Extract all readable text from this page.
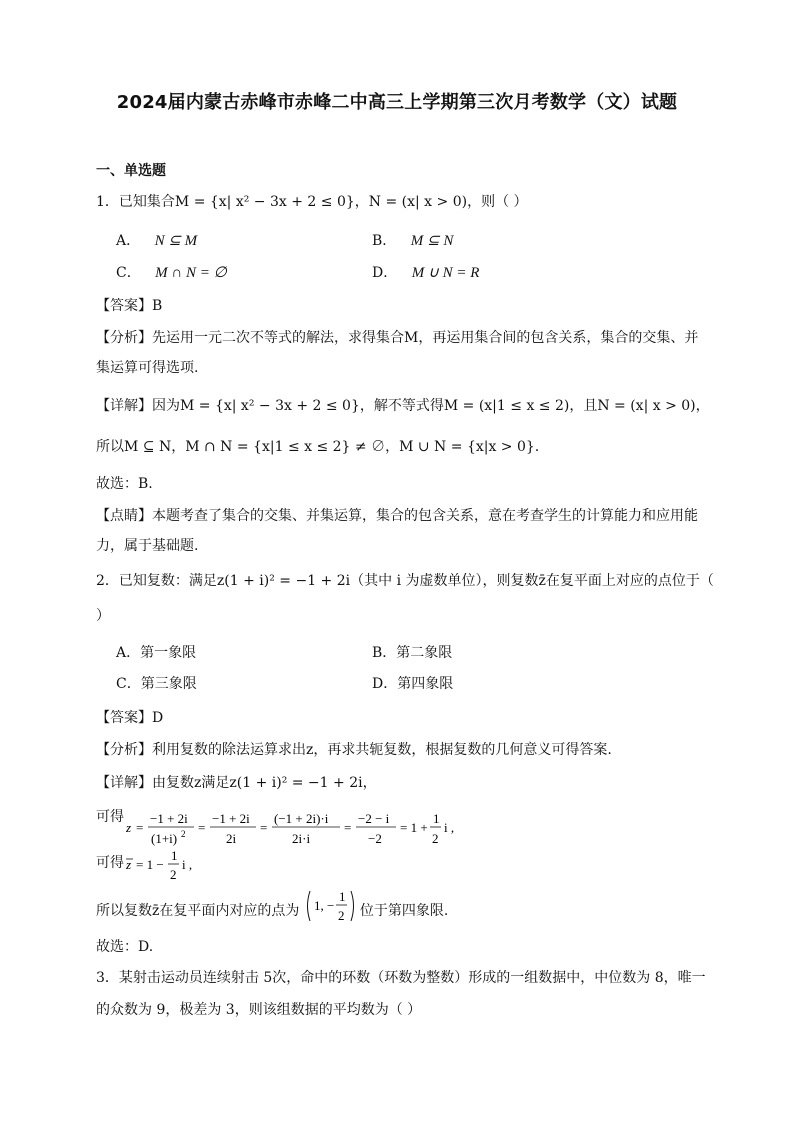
2024届内蒙古赤峰市赤峰二中高三上学期第三次月考数学（文）试题
一、单选题
1．已知集合M = {x| x² − 3x + 2 ≤ 0}，N = (x| x > 0)，则（ ）
A． N ⊆ M	B． M ⊆ N
C． M ∩ N = ∅	D． M ∪ N = R
【答案】B
【分析】先运用一元二次不等式的解法，求得集合M，再运用集合间的包含关系，集合的交集、并
集运算可得选项.
【详解】因为M = {x| x² − 3x + 2 ≤ 0}，解不等式得M = (x|1 ≤ x ≤ 2)，且N = (x| x > 0)，
所以M ⊆ N，M ∩ N = {x|1 ≤ x ≤ 2} ≠ ∅，M ∪ N = {x|x > 0}.
故选：B.
【点睛】本题考查了集合的交集、并集运算，集合的包含关系，意在考查学生的计算能力和应用能
力，属于基础题.
2．已知复数：满足z(1 + i)² = −1 + 2i（其中 i 为虚数单位），则复数z̄在复平面上对应的点位于（
）
A．第一象限	B．第二象限
C．第三象限	D．第四象限
【答案】D
【分析】利用复数的除法运算求出z，再求共轭复数，根据复数的几何意义可得答案.
【详解】由复数z满足z(1 + i)² = −1 + 2i，
可得
z =
−1 + 2i
(1+i) 2 =
−1 + 2i
2i
=
(−1 + 2i)·i
2i·i
=
−2 − i
−2
= 1 +
1
2
i ,
可得 z = 1 −
1
2
i ,
所以复数z̄在复平面内对应的点为 1, −
1
2 位于第四象限.
故选：D.
3．某射击运动员连续射击 5次，命中的环数（环数为整数）形成的一组数据中，中位数为 8，唯一
的众数为 9，极差为 3，则该组数据的平均数为（ ）
